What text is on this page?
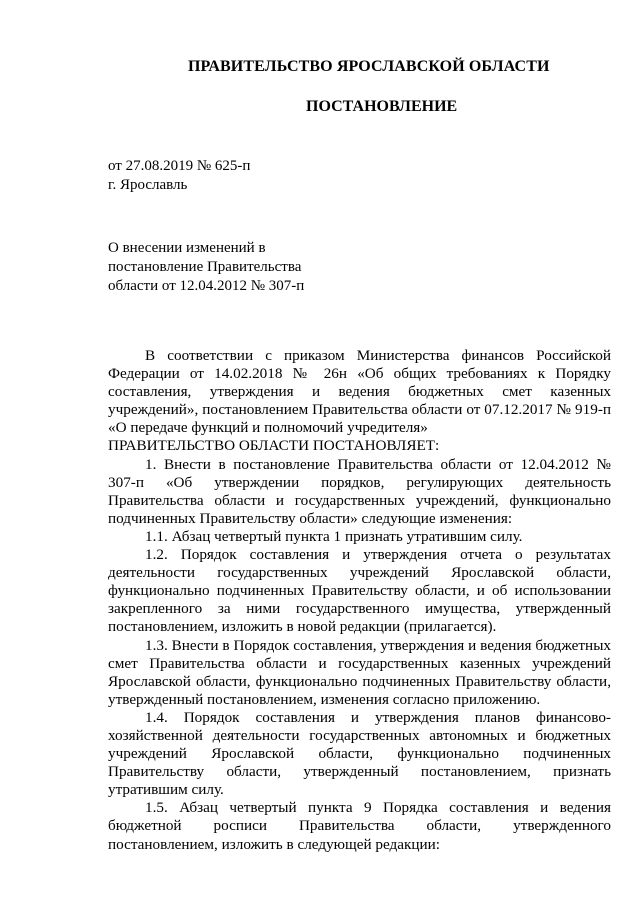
ПРАВИТЕЛЬСТВО ЯРОСЛАВСКОЙ ОБЛАСТИ
ПОСТАНОВЛЕНИЕ
от 27.08.2019 № 625-п
г. Ярославль
О внесении изменений в
постановление Правительства
области от 12.04.2012 № 307-п

В соответствии с приказом Министерства финансов Российской Федерации от 14.02.2018 № 26н «Об общих требованиях к Порядку составления, утверждения и ведения бюджетных смет казенных учреждений», постановлением Правительства области от 07.12.2017 № 919-п «О передаче функций и полномочий учредителя»

ПРАВИТЕЛЬСТВО ОБЛАСТИ ПОСТАНОВЛЯЕТ:

1. Внести в постановление Правительства области от 12.04.2012 № 307-п «Об утверждении порядков, регулирующих деятельность Правительства области и государственных учреждений, функционально подчиненных Правительству области» следующие изменения:

1.1. Абзац четвертый пункта 1 признать утратившим силу.

1.2. Порядок составления и утверждения отчета о результатах деятельности государственных учреждений Ярославской области, функционально подчиненных Правительству области, и об использовании закрепленного за ними государственного имущества, утвержденный постановлением, изложить в новой редакции (прилагается).

1.3. Внести в Порядок составления, утверждения и ведения бюджетных смет Правительства области и государственных казенных учреждений Ярославской области, функционально подчиненных Правительству области, утвержденный постановлением, изменения согласно приложению.

1.4. Порядок составления и утверждения планов финансово-хозяйственной деятельности государственных автономных и бюджетных учреждений Ярославской области, функционально подчиненных Правительству области, утвержденный постановлением, признать утратившим силу.

1.5. Абзац четвертый пункта 9 Порядка составления и ведения бюджетной росписи Правительства области, утвержденного постановлением, изложить в следующей редакции:
